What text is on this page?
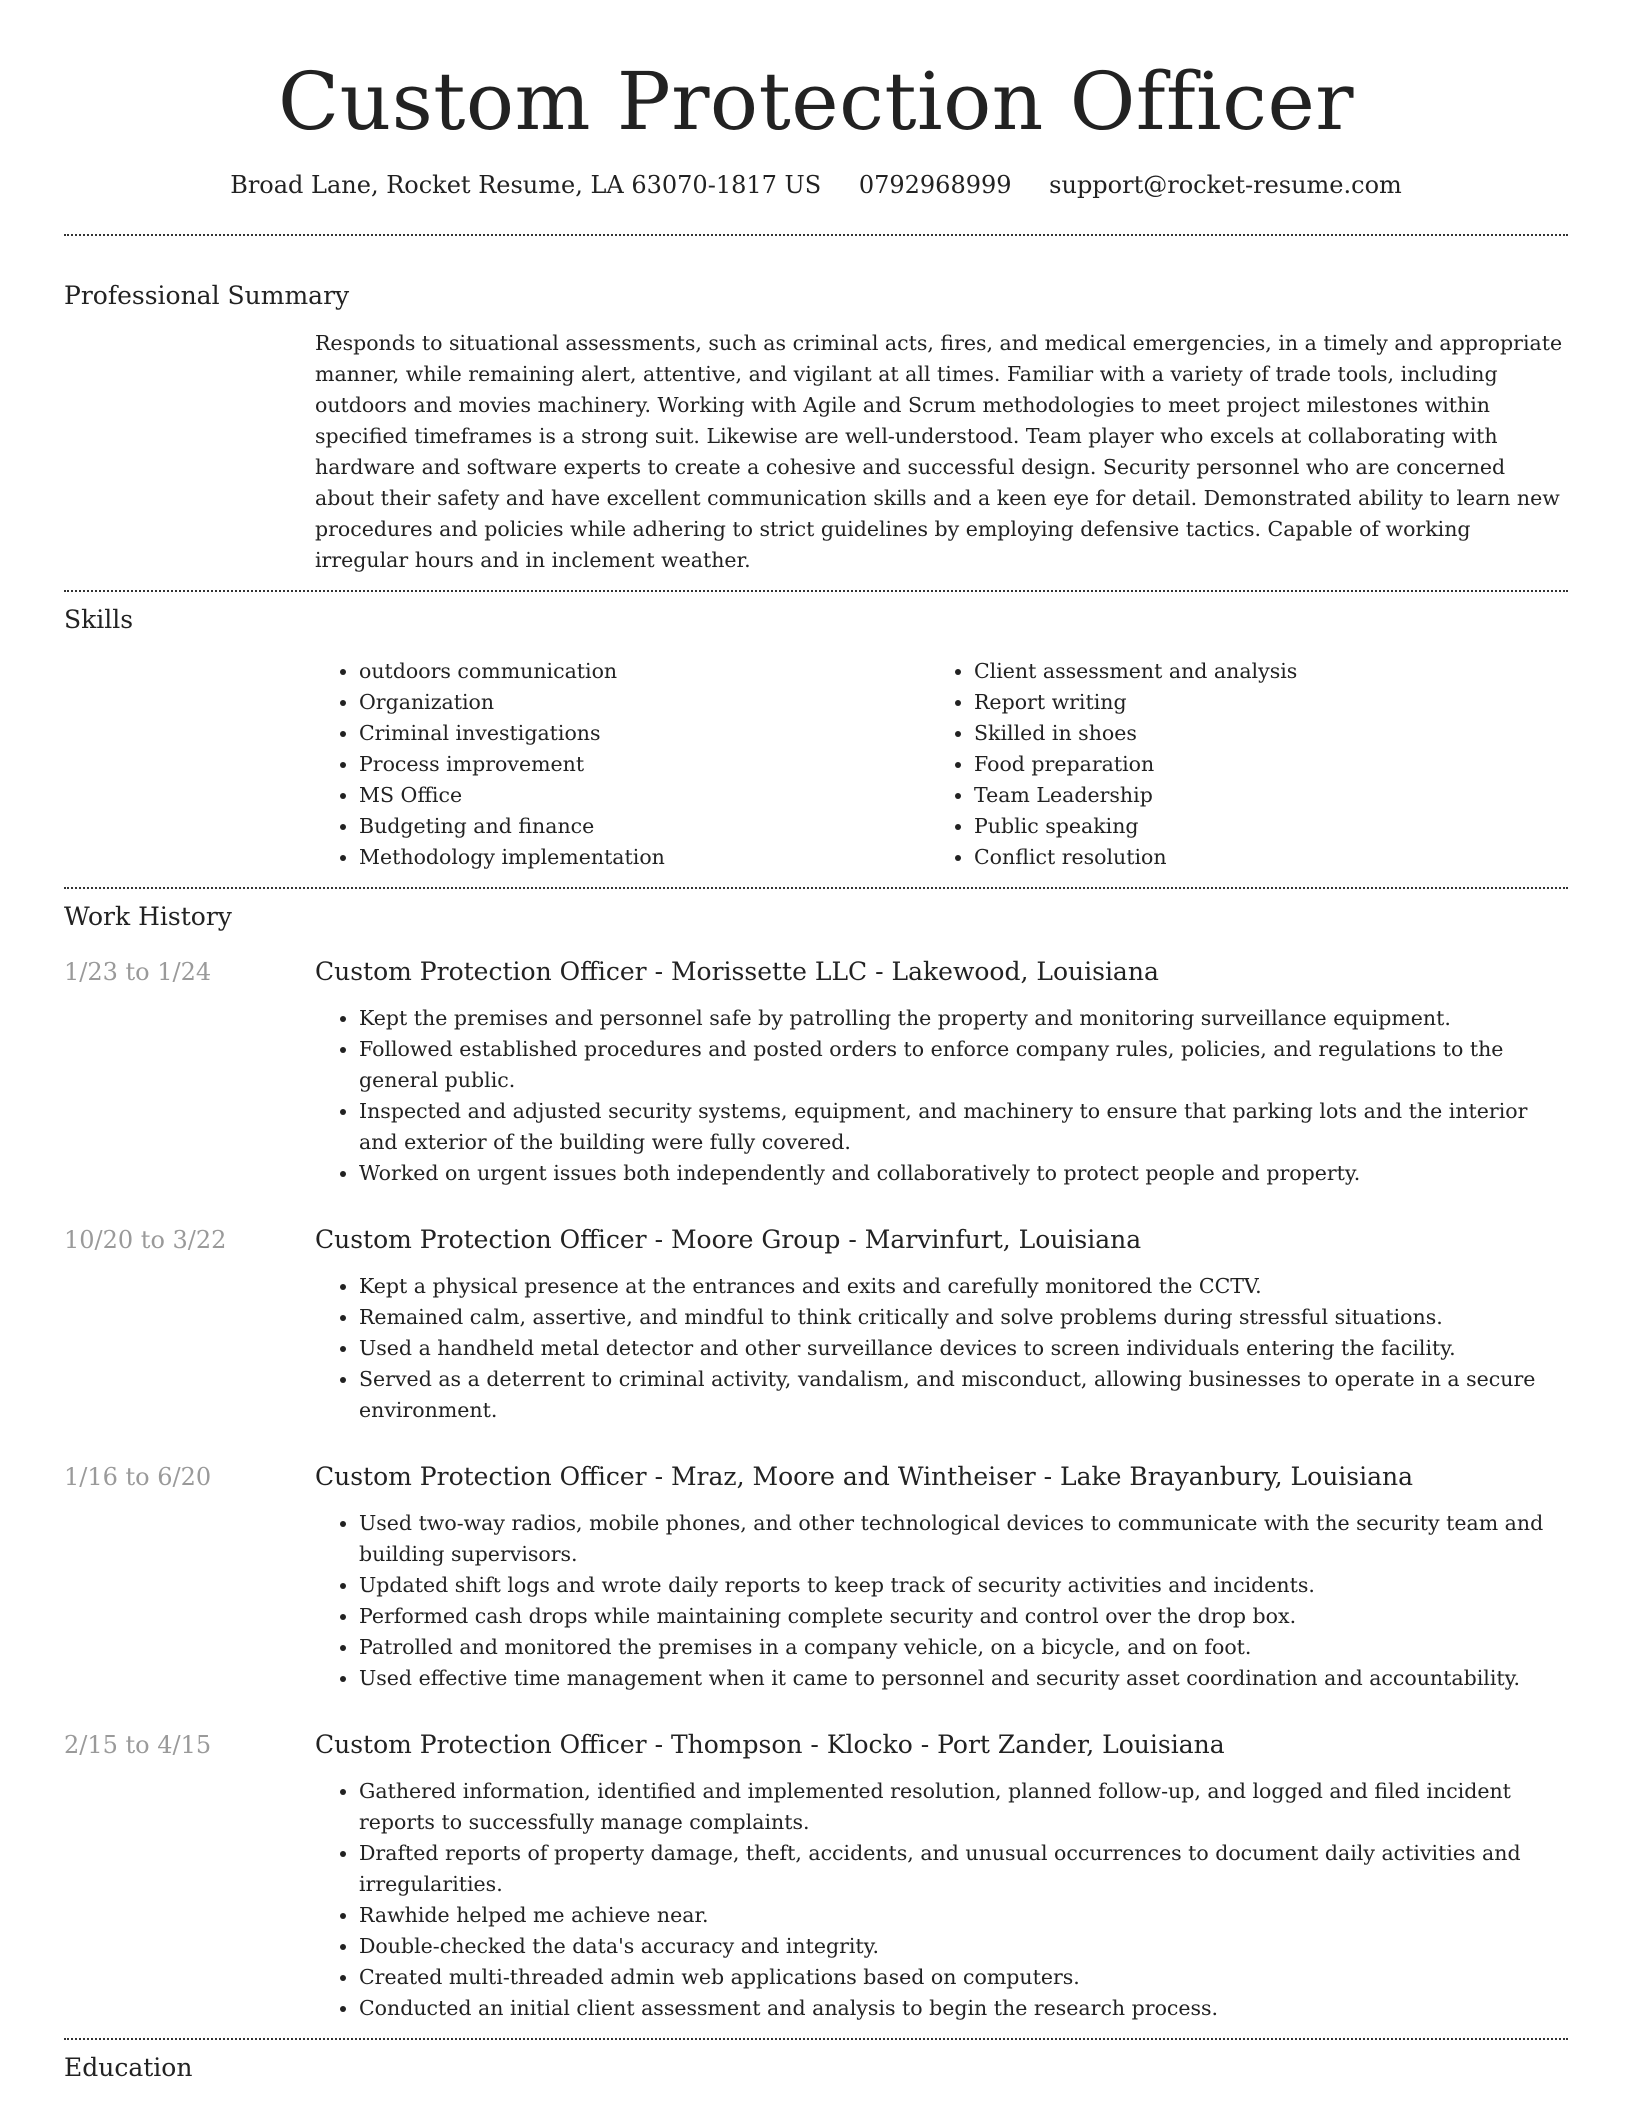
Custom Protection Officer
Broad Lane, Rocket Resume, LA 63070-1817 US 0792968999 support@rocket-resume.com
Professional Summary
Responds to situational assessments, such as criminal acts, fires, and medical emergencies, in a timely and appropriate manner, while remaining alert, attentive, and vigilant at all times. Familiar with a variety of trade tools, including outdoors and movies machinery. Working with Agile and Scrum methodologies to meet project milestones within specified timeframes is a strong suit. Likewise are well-understood. Team player who excels at collaborating with hardware and software experts to create a cohesive and successful design. Security personnel who are concerned about their safety and have excellent communication skills and a keen eye for detail. Demonstrated ability to learn new procedures and policies while adhering to strict guidelines by employing defensive tactics. Capable of working irregular hours and in inclement weather.
Skills
• outdoors communication
• Organization
• Criminal investigations
• Process improvement
• MS Office
• Budgeting and finance
• Methodology implementation
• Client assessment and analysis
• Report writing
• Skilled in shoes
• Food preparation
• Team Leadership
• Public speaking
• Conflict resolution
Work History
1/23 to 1/24	Custom Protection Officer - Morissette LLC - Lakewood, Louisiana
• Kept the premises and personnel safe by patrolling the property and monitoring surveillance equipment.
• Followed established procedures and posted orders to enforce company rules, policies, and regulations to the general public.
• Inspected and adjusted security systems, equipment, and machinery to ensure that parking lots and the interior and exterior of the building were fully covered.
• Worked on urgent issues both independently and collaboratively to protect people and property.
10/20 to 3/22	Custom Protection Officer - Moore Group - Marvinfurt, Louisiana
• Kept a physical presence at the entrances and exits and carefully monitored the CCTV.
• Remained calm, assertive, and mindful to think critically and solve problems during stressful situations.
• Used a handheld metal detector and other surveillance devices to screen individuals entering the facility.
• Served as a deterrent to criminal activity, vandalism, and misconduct, allowing businesses to operate in a secure environment.
1/16 to 6/20	Custom Protection Officer - Mraz, Moore and Wintheiser - Lake Brayanbury, Louisiana
• Used two-way radios, mobile phones, and other technological devices to communicate with the security team and building supervisors.
• Updated shift logs and wrote daily reports to keep track of security activities and incidents.
• Performed cash drops while maintaining complete security and control over the drop box.
• Patrolled and monitored the premises in a company vehicle, on a bicycle, and on foot.
• Used effective time management when it came to personnel and security asset coordination and accountability.
2/15 to 4/15	Custom Protection Officer - Thompson - Klocko - Port Zander, Louisiana
• Gathered information, identified and implemented resolution, planned follow-up, and logged and filed incident reports to successfully manage complaints.
• Drafted reports of property damage, theft, accidents, and unusual occurrences to document daily activities and irregularities.
• Rawhide helped me achieve near.
• Double-checked the data's accuracy and integrity.
• Created multi-threaded admin web applications based on computers.
• Conducted an initial client assessment and analysis to begin the research process.
Education
